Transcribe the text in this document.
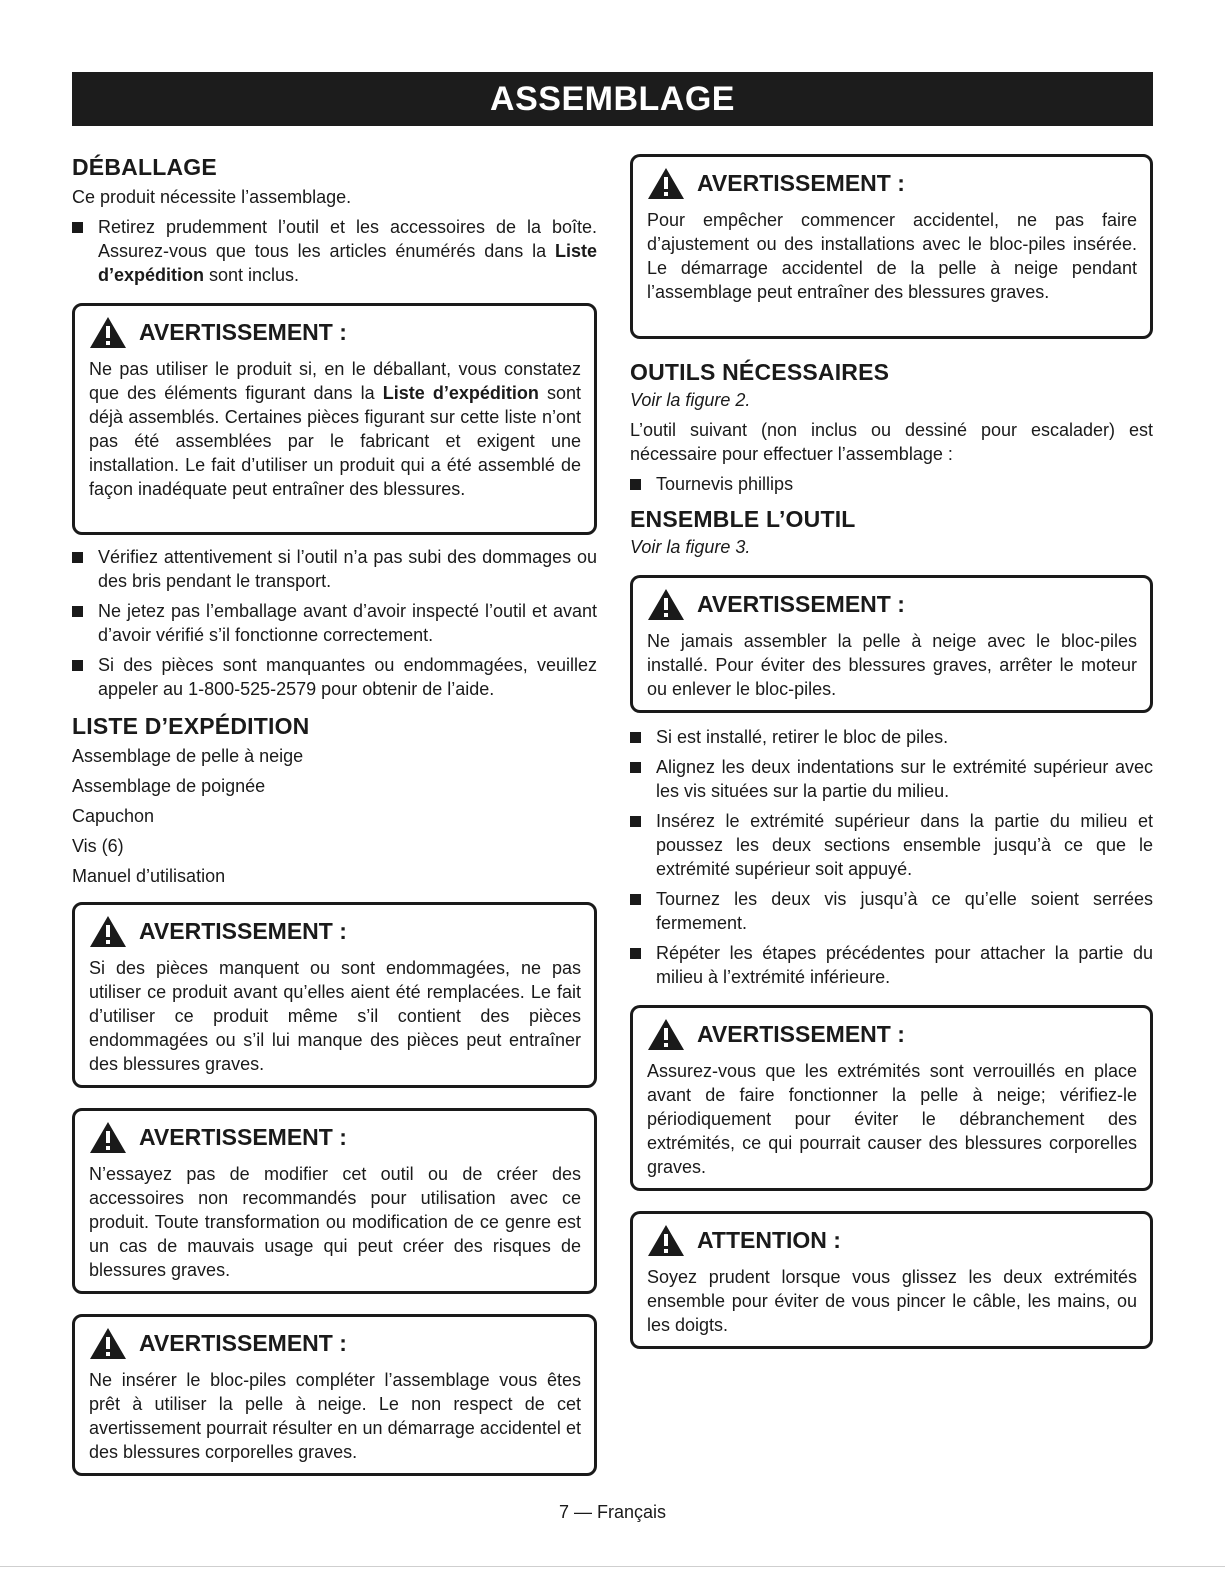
ASSEMBLAGE
DÉBALLAGE

Ce produit nécessite l’assemblage.

Retirez prudemment l’outil et les accessoires de la boîte. Assurez-vous que tous les articles énumérés dans la Liste d’expédition sont inclus.
AVERTISSEMENT :

Ne pas utiliser le produit si, en le déballant, vous constatez que des éléments figurant dans la Liste d’expédition sont déjà assemblés. Certaines pièces figurant sur cette liste n’ont pas été assemblées par le fabricant et exigent une installation. Le fait d’utiliser un produit qui a été assemblé de façon inadéquate peut entraîner des blessures.

Vérifiez attentivement si l’outil n’a pas subi des dommages ou des bris pendant le transport.
Ne jetez pas l’emballage avant d’avoir inspecté l’outil et avant d’avoir vérifié s’il fonctionne correctement.
Si des pièces sont manquantes ou endommagées, veuillez appeler au 1-800-525-2579 pour obtenir de l’aide.
LISTE D’EXPÉDITION

Assemblage de pelle à neige

Assemblage de poignée

Capuchon

Vis (6)

Manuel d’utilisation

AVERTISSEMENT :

Si des pièces manquent ou sont endommagées, ne pas utiliser ce produit avant qu’elles aient été remplacées. Le fait d’utiliser ce produit même s’il contient des pièces endommagées ou s’il lui manque des pièces peut entraîner des blessures graves.

AVERTISSEMENT :

N’essayez pas de modifier cet outil ou de créer des accessoires non recommandés pour utilisation avec ce produit. Toute transformation ou modification de ce genre est un cas de mauvais usage qui peut créer des risques de blessures graves.

AVERTISSEMENT :

Ne insérer le bloc-piles compléter l’assemblage vous êtes prêt à utiliser la pelle à neige. Le non respect de cet avertissement pourrait résulter en un démarrage accidentel et des blessures corporelles graves.

AVERTISSEMENT :

Pour empêcher commencer accidentel, ne pas faire d’ajustement ou des installations avec le bloc-piles insérée. Le démarrage accidentel de la pelle à neige pendant l’assemblage peut entraîner des blessures graves.

OUTILS NÉCESSAIRES

Voir la figure 2.

L’outil suivant (non inclus ou dessiné pour escalader) est nécessaire pour effectuer l’assemblage :

Tournevis phillips
ENSEMBLE L’OUTIL

Voir la figure 3.

AVERTISSEMENT :

Ne jamais assembler la pelle à neige avec le bloc-piles installé. Pour éviter des blessures graves, arrêter le moteur ou enlever le bloc-piles.

Si est installé, retirer le bloc de piles.
Alignez les deux indentations sur le extrémité supérieur avec les vis situées sur la partie du milieu.
Insérez le extrémité supérieur dans la partie du milieu et poussez les deux sections ensemble jusqu’à ce que le extrémité supérieur soit appuyé.
Tournez les deux vis jusqu’à ce qu’elle soient serrées fermement.
Répéter les étapes précédentes pour attacher la partie du milieu à l’extrémité inférieure.
AVERTISSEMENT :

Assurez-vous que les extrémités sont verrouillés en place avant de faire fonctionner la pelle à neige; vérifiez-le périodiquement pour éviter le débranchement des extrémités, ce qui pourrait causer des blessures corporelles graves.

ATTENTION :

Soyez prudent lorsque vous glissez les deux extrémités ensemble pour éviter de vous pincer le câble, les mains, ou les doigts.

7 — Français
